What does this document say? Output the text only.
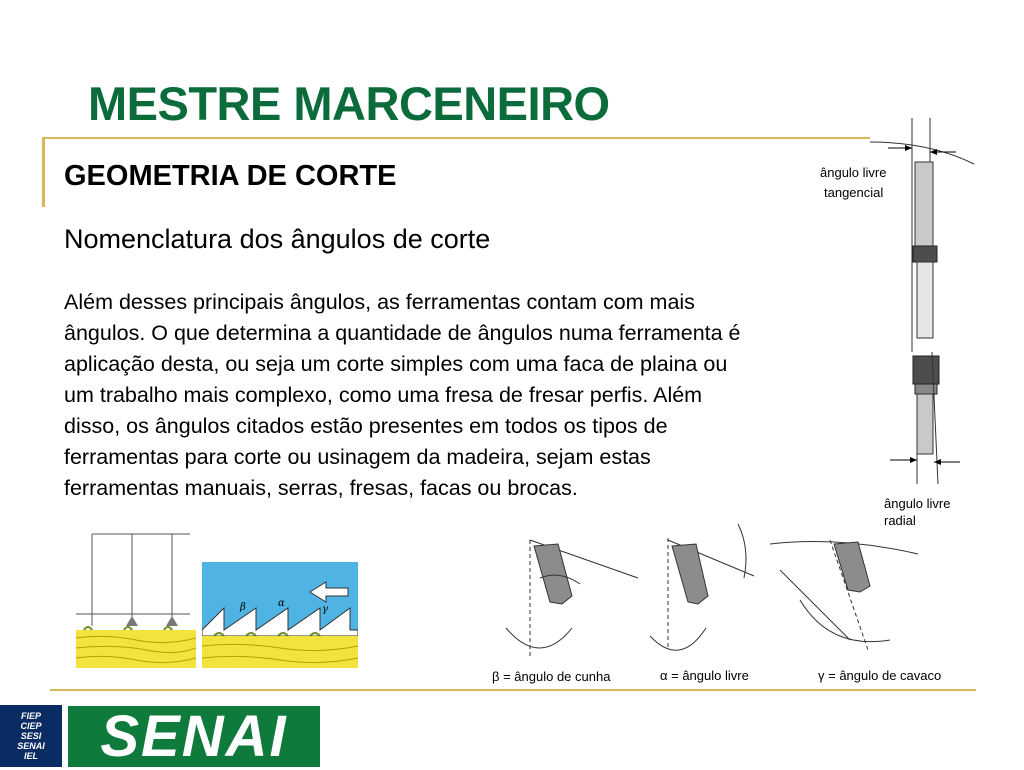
MESTRE MARCENEIRO
GEOMETRIA DE CORTE
Nomenclatura dos ângulos de corte

Além desses principais ângulos, as ferramentas contam com mais

ângulos. O que determina a quantidade de ângulos numa ferramenta é

aplicação desta, ou seja um corte simples com uma faca de plaina ou

um trabalho mais complexo, como uma fresa de fresar perfis. Além

disso, os ângulos citados estão presentes em todos os tipos de

ferramentas para corte ou usinagem da madeira, sejam estas

ferramentas manuais, serras, fresas, facas ou brocas.

ângulo livre
tangencial
ângulo livre
radial
β	α
γ
β = ângulo de cunha	α = ângulo livre	γ = ângulo de cavaco
FIEP
CIEP
SESI
SENAI
IEL SENAI
